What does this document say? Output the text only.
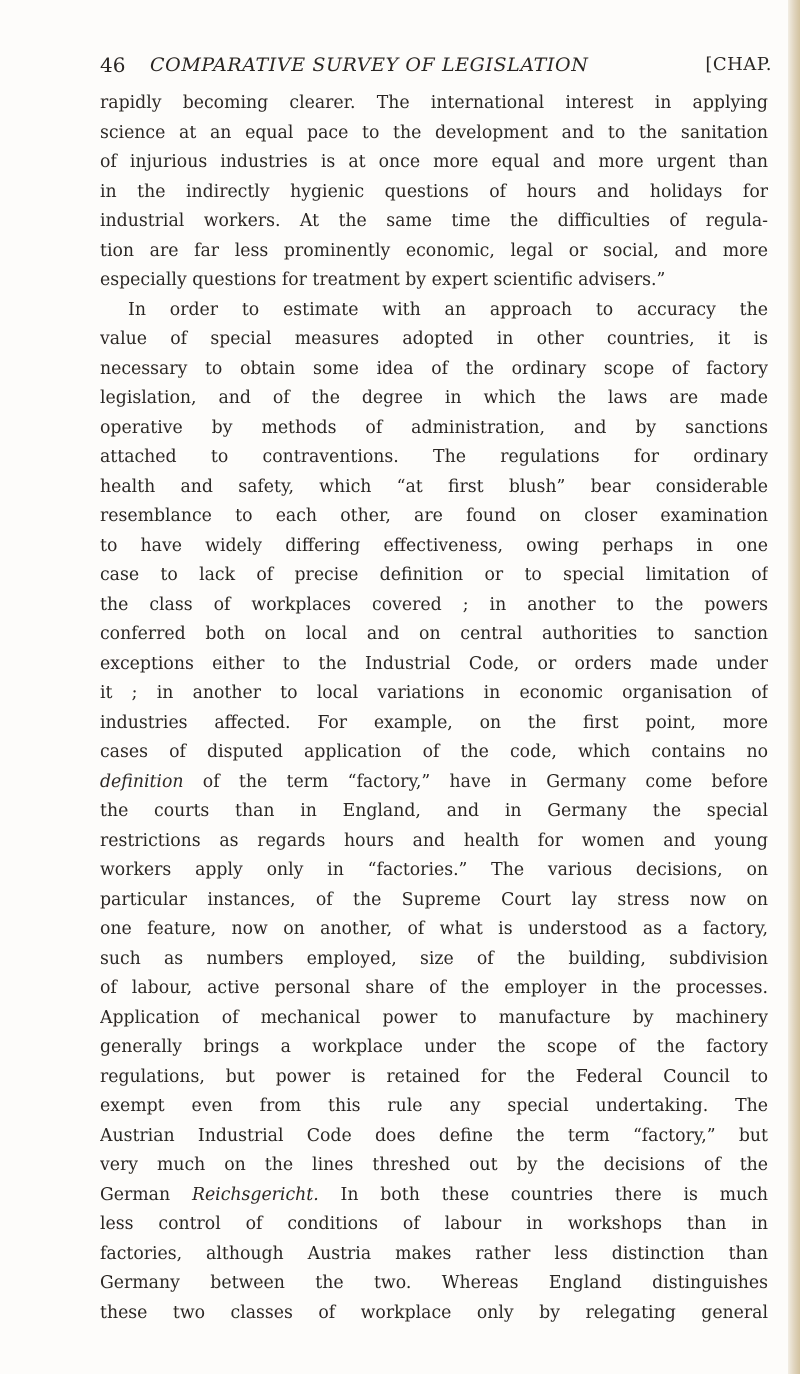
46 COMPARATIVE SURVEY OF LEGISLATION	[CHAP.
rapidly becoming clearer. The international interest in applying
science at an equal pace to the development and to the sanitation
of injurious industries is at once more equal and more urgent than
in the indirectly hygienic questions of hours and holidays for
industrial workers. At the same time the difficulties of regula-
tion are far less prominently economic, legal or social, and more
especially questions for treatment by expert scientific advisers.”
In order to estimate with an approach to accuracy the
value of special measures adopted in other countries, it is
necessary to obtain some idea of the ordinary scope of factory
legislation, and of the degree in which the laws are made
operative by methods of administration, and by sanctions
attached to contraventions. The regulations for ordinary
health and safety, which “at first blush” bear considerable
resemblance to each other, are found on closer examination
to have widely differing effectiveness, owing perhaps in one
case to lack of precise definition or to special limitation of
the class of workplaces covered ; in another to the powers
conferred both on local and on central authorities to sanction
exceptions either to the Industrial Code, or orders made under
it ; in another to local variations in economic organisation of
industries affected. For example, on the first point, more
cases of disputed application of the code, which contains no
definition of the term “factory,” have in Germany come before
the courts than in England, and in Germany the special
restrictions as regards hours and health for women and young
workers apply only in “factories.” The various decisions, on
particular instances, of the Supreme Court lay stress now on
one feature, now on another, of what is understood as a factory,
such as numbers employed, size of the building, subdivision
of labour, active personal share of the employer in the processes.
Application of mechanical power to manufacture by machinery
generally brings a workplace under the scope of the factory
regulations, but power is retained for the Federal Council to
exempt even from this rule any special undertaking. The
Austrian Industrial Code does define the term “factory,” but
very much on the lines threshed out by the decisions of the
German Reichsgericht. In both these countries there is much
less control of conditions of labour in workshops than in
factories, although Austria makes rather less distinction than
Germany between the two. Whereas England distinguishes
these two classes of workplace only by relegating general
